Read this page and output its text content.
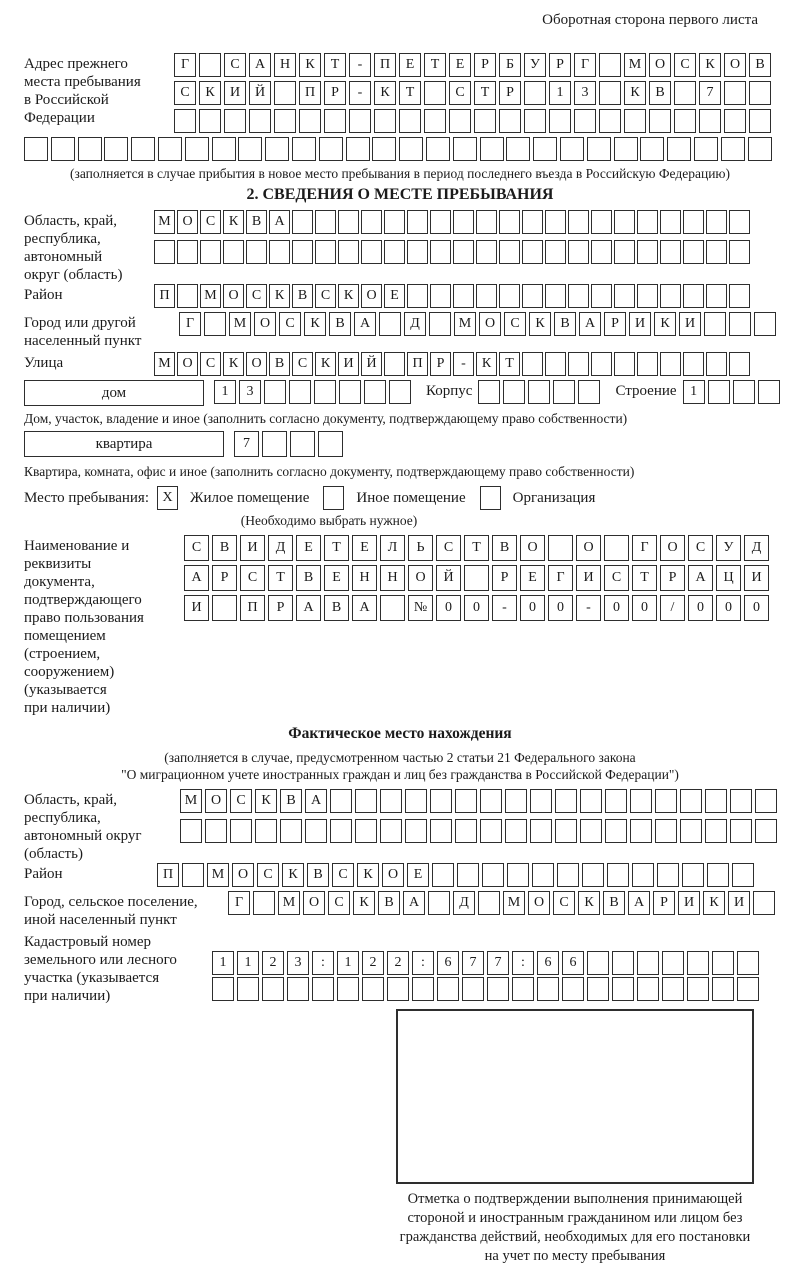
Оборотная сторона первого листа
Адрес прежнего
места пребывания
в Российской
Федерации
Г	С	А	Н	К	Т	-	П	Е	Т	Е	Р	Б	У	Р	Г	М О	С	К	О	В
С	К	И	Й	П	Р	-	К	Т	С	Т	Р	1	3	К	В	7
(заполняется в случае прибытия в новое место пребывания в период последнего въезда в Российскую Федерацию)
2. СВЕДЕНИЯ О МЕСТЕ ПРЕБЫВАНИЯ
Область, край,
республика,
автономный
округ (область)
М О С К В А
Район	П	М О С К В С К О Е
Город или другой
населенный пункт
Г	М О	С	К	В	А	Д	М О	С	К	В	А	Р	И	К	И
Улица	М О С К О В С К И Й	П	Р	-	К	Т
дом	1	3	Корпус	Строение 1
Дом, участок, владение и иное (заполнить согласно документу, подтверждающему право собственности)
квартира	7
Квартира, комната, офис и иное (заполнить согласно документу, подтверждающему право собственности)
Место пребывания: X	Жилое помещение	Иное помещение	Организация
(Необходимо выбрать нужное)
Наименование и реквизиты
документа, подтверждающего
право пользования
помещением (строением,
сооружением) (указывается
при наличии)
С	В	И	Д	Е	Т	Е	Л	Ь	С	Т	В	О	О	Г	О	С	У	Д
А	Р	С	Т	В	Е	Н	Н	О	Й	Р	Е	Г	И	С	Т	Р	А	Ц	И
И	П	Р	А	В	А	№	0	0	-	0	0	-	0	0	/	0	0	0
Фактическое место нахождения
(заполняется в случае, предусмотренном частью 2 статьи 21 Федерального закона
"О миграционном учете иностранных граждан и лиц без гражданства в Российской Федерации")
Область, край,
республика,
автономный округ
(область)
М О	С	К	В	А
Район	П	М О	С	К	В	С	К	О	Е
Город, сельское поселение,
иной населенный пункт
Г	М О	С	К	В	А	Д	М О	С	К	В	А	Р	И	К	И
Кадастровый номер
земельного или лесного
участка (указывается
при наличии)
1	1	2	3	:	1	2	2	:	6	7	7	:	6	6
Отметка о подтверждении выполнения принимающей
стороной и иностранным гражданином или лицом без
гражданства действий, необходимых для его постановки
на учет по месту пребывания
